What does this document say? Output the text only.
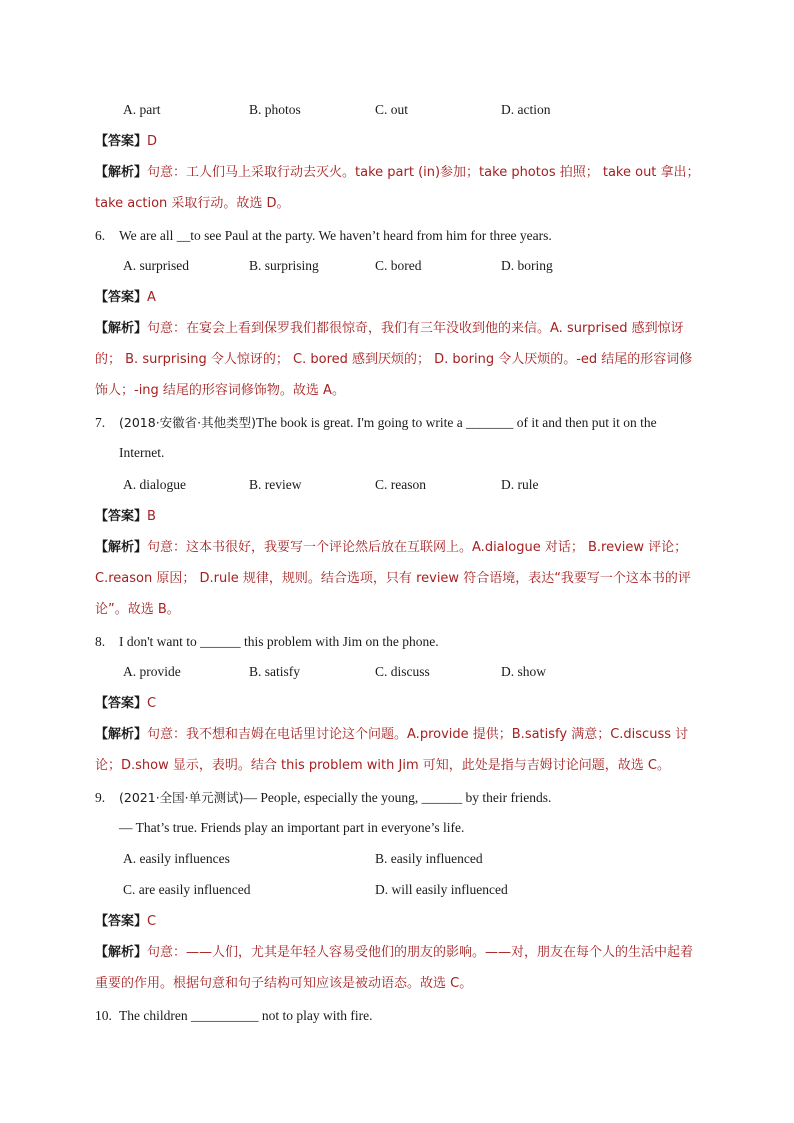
A. part	B. photos	C. out	D. action
【答案】D
【解析】句意：工人们马上采取行动去灭火。take part (in)参加；take photos 拍照； take out 拿出；take action 采取行动。故选 D。
6. We are all __to see Paul at the party. We haven’t heard from him for three years.
A. surprised	B. surprising	C. bored	D. boring
【答案】A
【解析】句意：在宴会上看到保罗我们都很惊奇，我们有三年没收到他的来信。A. surprised 感到惊讶的； B. surprising 令人惊讶的； C. bored 感到厌烦的； D. boring 令人厌烦的。-ed 结尾的形容词修饰人；-ing 结尾的形容词修饰物。故选 A。
7. (2018·安徽省·其他类型)The book is great. I'm going to write a _______ of it and then put it on the
Internet.
A. dialogue	B. review	C. reason	D. rule
【答案】B
【解析】句意：这本书很好，我要写一个评论然后放在互联网上。A.dialogue 对话； B.review 评论；C.reason 原因； D.rule 规律，规则。结合选项，只有 review 符合语境，表达“我要写一个这本书的评论”。故选 B。
8. I don't want to ______ this problem with Jim on the phone.
A. provide	B. satisfy	C. discuss	D. show
【答案】C
【解析】句意：我不想和吉姆在电话里讨论这个问题。A.provide 提供；B.satisfy 满意；C.discuss 讨论；D.show 显示，表明。结合 this problem with Jim 可知，此处是指与吉姆讨论问题，故选 C。
9. (2021·全国·单元测试)— People, especially the young, ______ by their friends.
— That’s true. Friends play an important part in everyone’s life.
A. easily influences	B. easily influenced
C. are easily influenced	D. will easily influenced
【答案】C
【解析】句意：——人们，尤其是年轻人容易受他们的朋友的影响。——对，朋友在每个人的生活中起着重要的作用。根据句意和句子结构可知应该是被动语态。故选 C。
10. The children __________ not to play with fire.
